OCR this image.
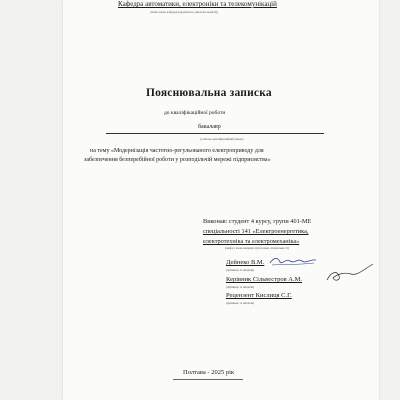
Кафедра автоматики, електроніки та телекомунікацій
(повна назва кафедри (предметної, циклової комісії))
Пояснювальна записка
до кваліфікаційної роботи
бакалавр
(освітньо-кваліфікаційний рівень)
на тему «Модернізація частотно-регульованого електроприводу для
забезпечення безперебійної роботи у розподільчій мережі підприємства»
Виконав: студент 4 курсу, групи 401-МЕ
спеціальності 141 «Електроенергетика,
електротехніка та електромеханіка»
(шифр і назва напряму підготовки, спеціальності)
Дейнеко В.М.
(прізвище та ініціали)
Керівник Сільвестров А.М.
(прізвище та ініціали)
Рецензент Кислиця С.Г.
(прізвище та ініціали)
Полтава - 2025 рік
